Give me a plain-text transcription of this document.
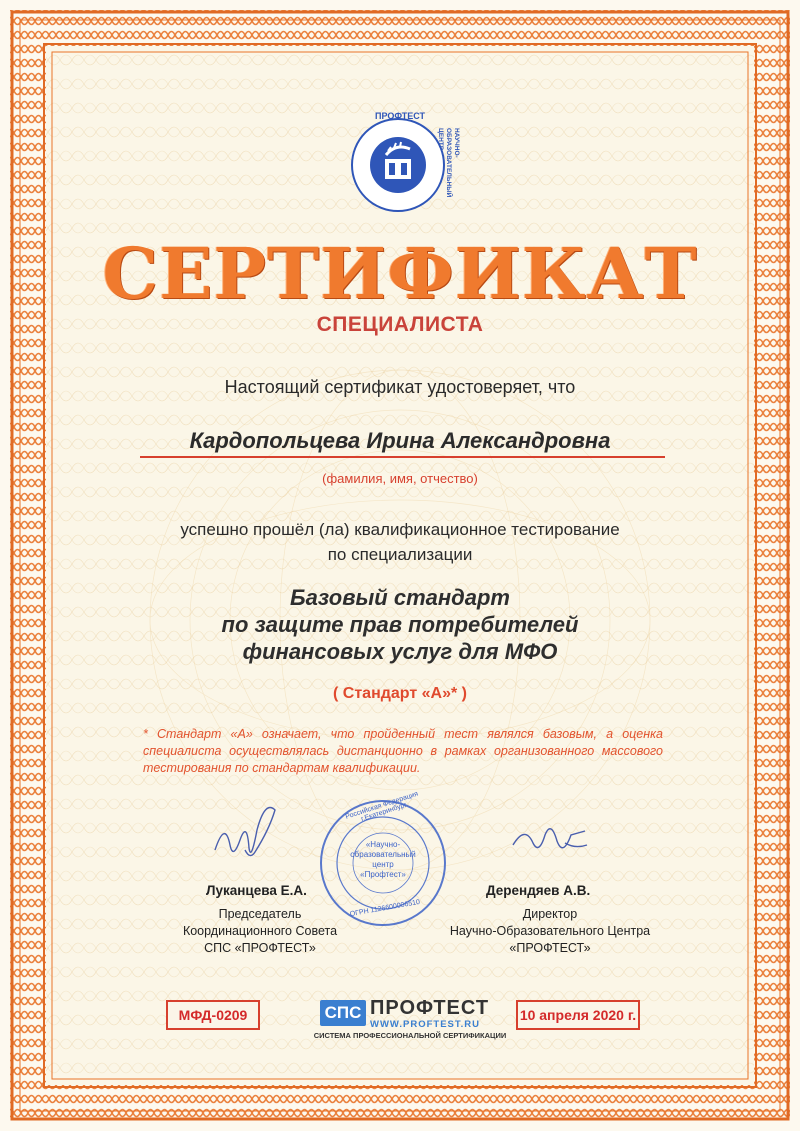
ПРОФТЕСТ
НАУЧНО-ОБРАЗОВАТЕЛЬНЫЙ ЦЕНТР
СЕРТИФИКАТ
СПЕЦИАЛИСТА
Настоящий сертификат удостоверяет, что
Кардопольцева Ирина Александровна
(фамилия, имя, отчество)
успешно прошёл (ла) квалификационное тестирование
по специализации
Базовый стандарт
по защите прав потребителей
финансовых услуг для МФО
( Стандарт «А»* )
* Стандарт «А» означает, что пройденный тест являлся базовым, а оценка специалиста осуществлялась дистанционно в рамках организованного массового тестирования по стандартам квалификации.
Российская Федерация г.Екатеринбург
«Научно-
образовательный
центр
«Профтест»
ОГРН 1126600006510
Луканцева Е.А.
Председатель
Координационного Совета
СПС «ПРОФТЕСТ»
Дерендяев А.В.
Директор
Научно-Образовательного Центра
«ПРОФТЕСТ»
МФД-0209	СПС ПРОФТЕСТ
WWW.PROFTEST.RU
СИСТЕМА ПРОФЕССИОНАЛЬНОЙ СЕРТИФИКАЦИИ
10 апреля 2020 г.
